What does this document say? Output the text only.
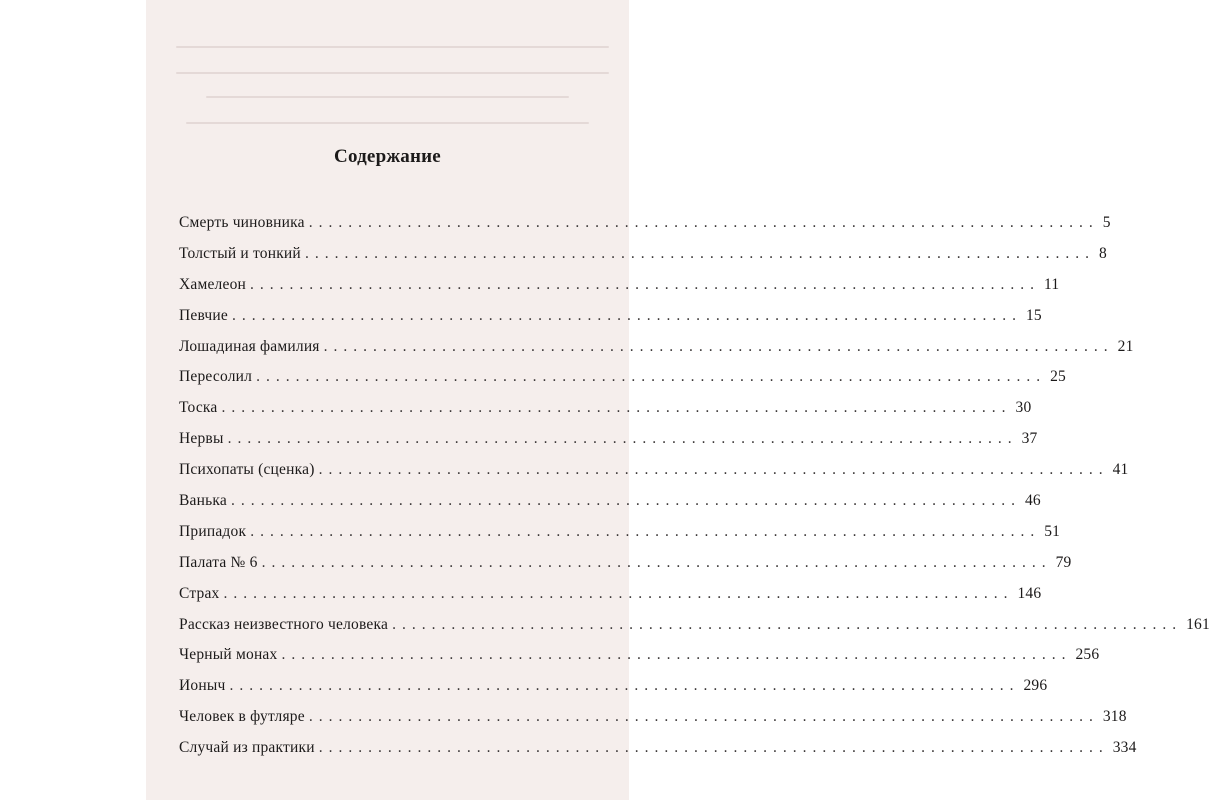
Содержание
Смерть чиновника ................................................................................ 5
Толстый и тонкий ................................................................................ 8
Хамелеон ................................................................................ 11
Певчие ................................................................................ 15
Лошадиная фамилия ................................................................................ 21
Пересолил ................................................................................ 25
Тоска ................................................................................ 30
Нервы ................................................................................ 37
Психопаты (сценка) ................................................................................ 41
Ванька ................................................................................ 46
Припадок ................................................................................ 51
Палата № 6 ................................................................................ 79
Страх ................................................................................ 146
Рассказ неизвестного человека ................................................................................ 161
Черный монах ................................................................................ 256
Ионыч ................................................................................ 296
Человек в футляре ................................................................................ 318
Случай из практики ................................................................................ 334
